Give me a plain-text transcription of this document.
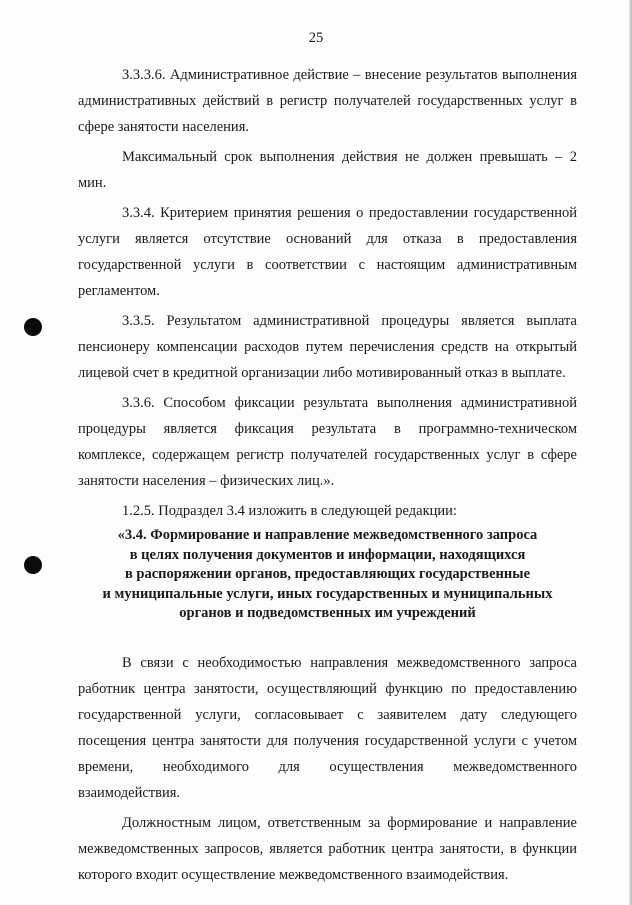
25

3.3.3.6. Административное действие – внесение результатов выполнения административных действий в регистр получателей государственных услуг в сфере занятости населения.

Максимальный срок выполнения действия не должен превышать – 2 мин.

3.3.4. Критерием принятия решения о предоставлении государственной услуги является отсутствие оснований для отказа в предоставления государственной услуги в соответствии с настоящим административным регламентом.

3.3.5. Результатом административной процедуры является выплата пенсионеру компенсации расходов путем перечисления средств на открытый лицевой счет в кредитной организации либо мотивированный отказ в выплате.

3.3.6. Способом фиксации результата выполнения административной процедуры является фиксация результата в программно-техническом комплексе, содержащем регистр получателей государственных услуг в сфере занятости населения – физических лиц.».

1.2.5. Подраздел 3.4 изложить в следующей редакции:

«3.4. Формирование и направление межведомственного запроса
в целях получения документов и информации, находящихся
в распоряжении органов, предоставляющих государственные
и муниципальные услуги, иных государственных и муниципальных
органов и подведомственных им учреждений

В связи с необходимостью направления межведомственного запроса работник центра занятости, осуществляющий функцию по предоставлению государственной услуги, согласовывает с заявителем дату следующего посещения центра занятости для получения государственной услуги с учетом времени, необходимого для осуществления межведомственного взаимодействия.

Должностным лицом, ответственным за формирование и направление межведомственных запросов, является работник центра занятости, в функции которого входит осуществление межведомственного взаимодействия.
